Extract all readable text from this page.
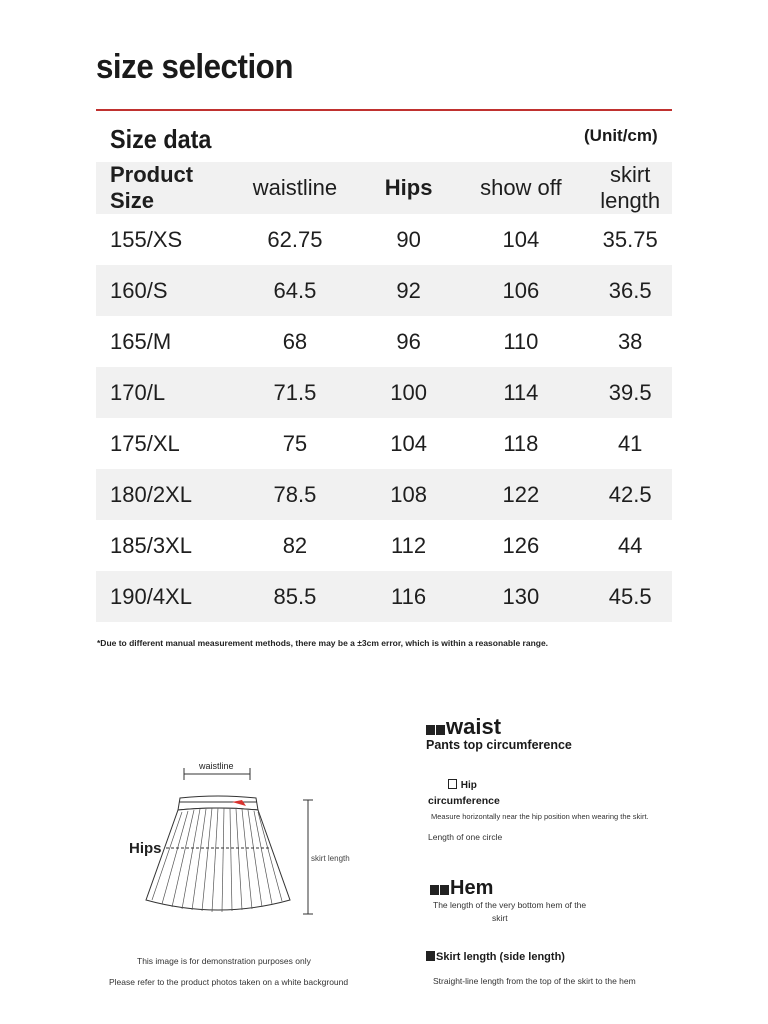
size selection
Size data	(Unit/cm)
Product Size	waistline	Hips	show off	skirt length
155/XS	62.75	90	104	35.75
160/S	64.5	92	106	36.5
165/M	68	96	110	38
170/L	71.5	100	114	39.5
175/XL	75	104	118	41
180/2XL	78.5	108	122	42.5
185/3XL	82	112	126	44
190/4XL	85.5	116	130	45.5
*Due to different manual measurement methods, there may be a ±3cm error, which is within a reasonable range.
waistline
Hips
skirt length
This image is for demonstration purposes only
Please refer to the product photos taken on a white background
waist
Pants top circumference
Hip
circumference
Measure horizontally near the hip position when wearing the skirt.
Length of one circle
Hem
The length of the very bottom hem of the
skirt
Skirt length (side length)
Straight-line length from the top of the skirt to the hem
